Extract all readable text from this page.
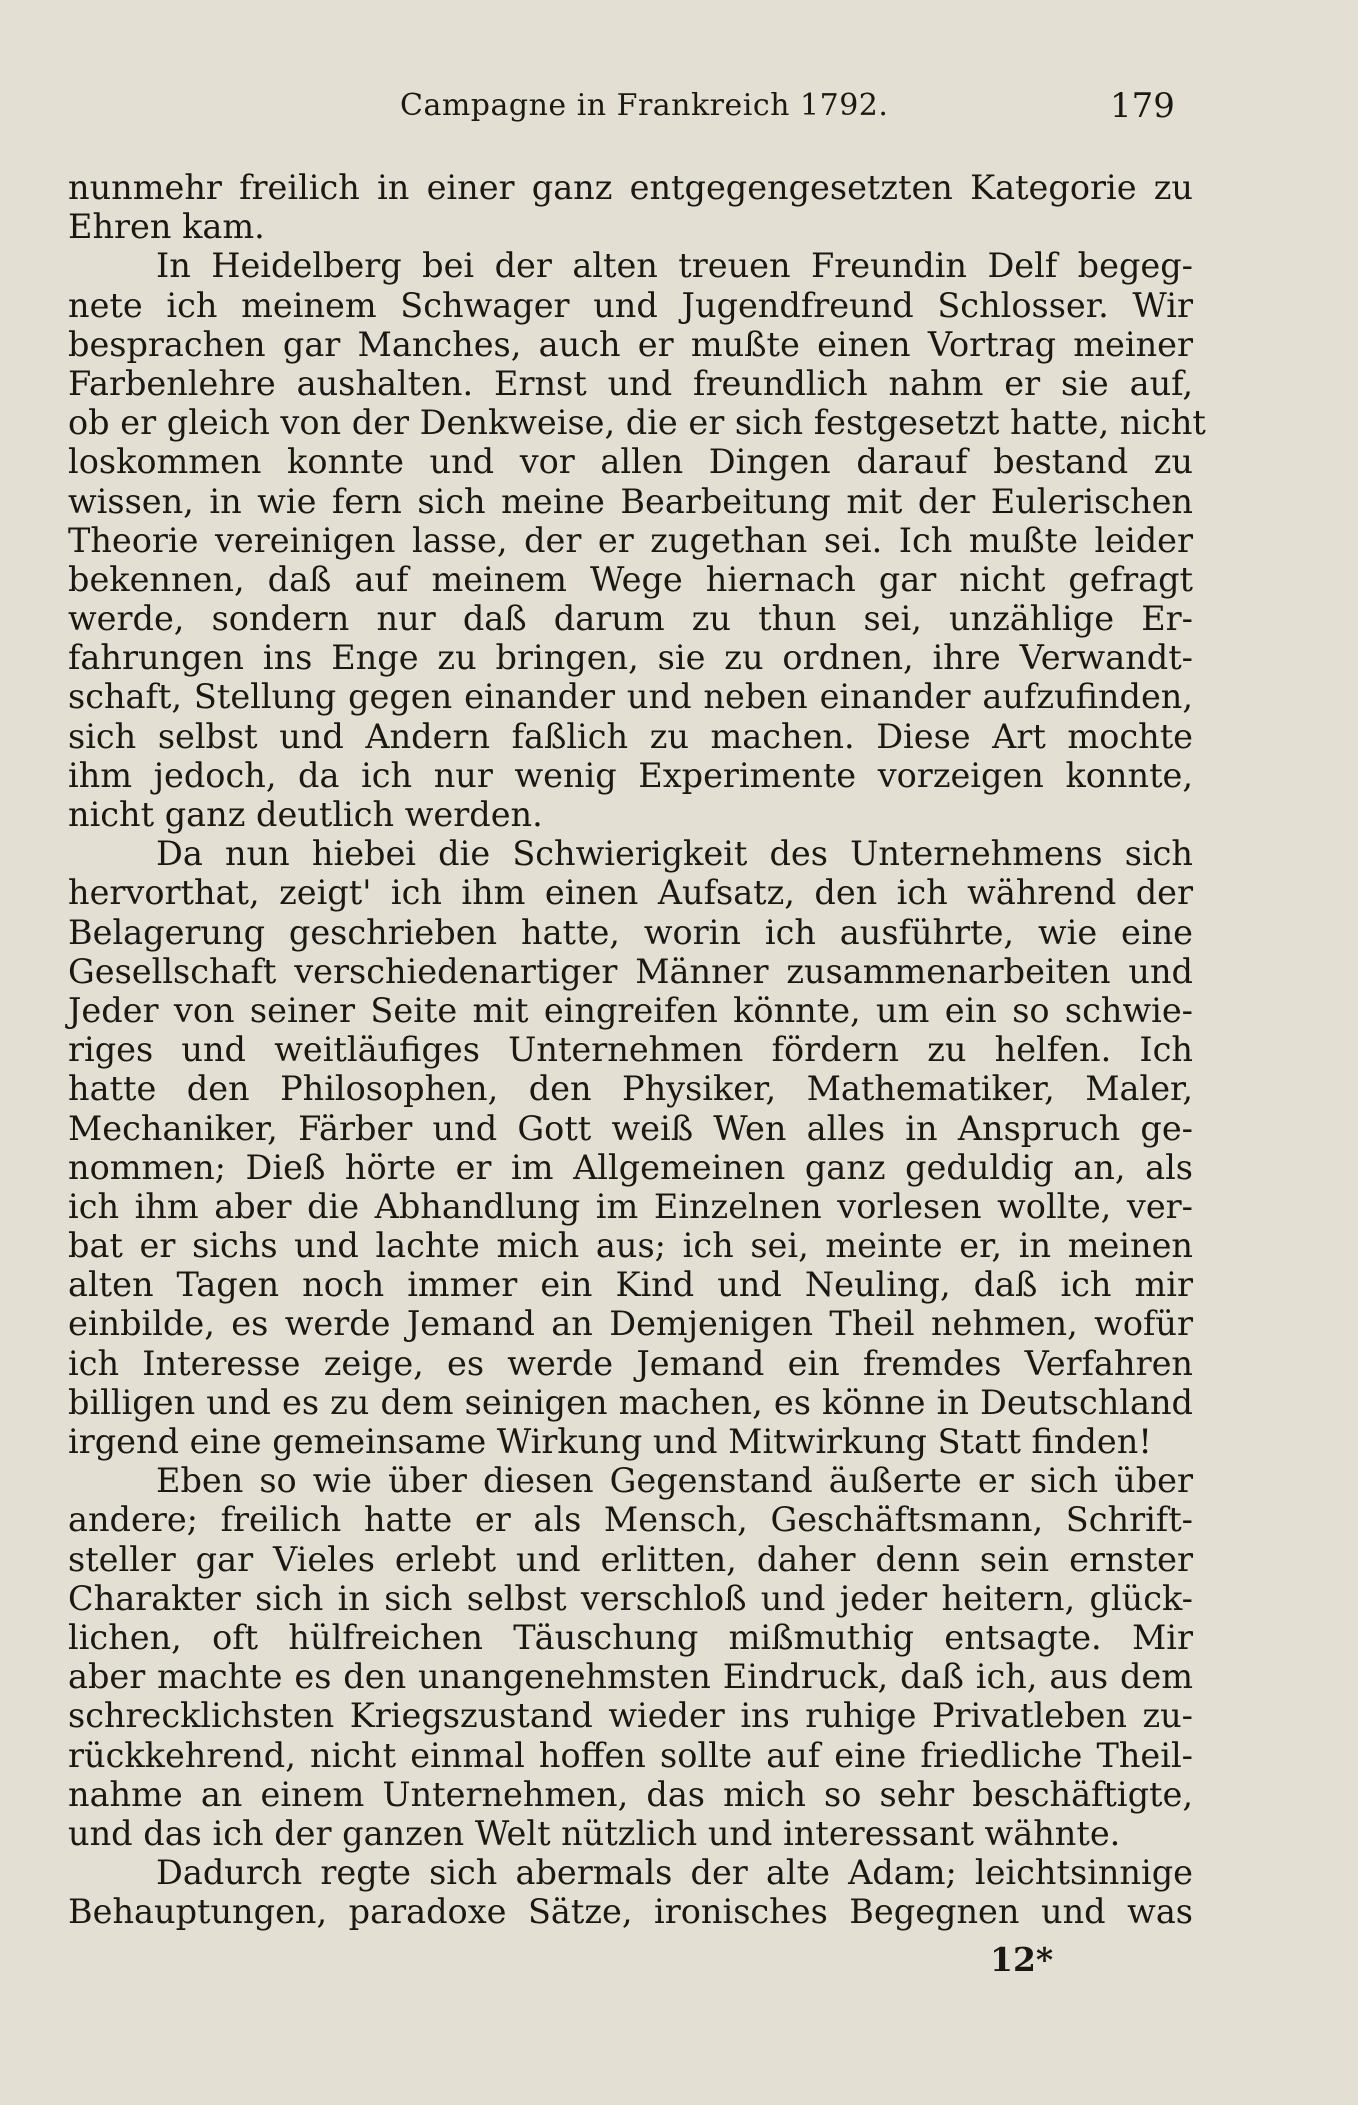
Campagne in Frankreich 1792.	179
nunmehr freilich in einer ganz entgegengesetzten Kategorie zu
Ehren kam.
In Heidelberg bei der alten treuen Freundin Delf begeg-
nete ich meinem Schwager und Jugendfreund Schlosser. Wir
besprachen gar Manches, auch er mußte einen Vortrag meiner
Farbenlehre aushalten. Ernst und freundlich nahm er sie auf,
ob er gleich von der Denkweise, die er sich festgesetzt hatte, nicht
loskommen konnte und vor allen Dingen darauf bestand zu
wissen, in wie fern sich meine Bearbeitung mit der Eulerischen
Theorie vereinigen lasse, der er zugethan sei. Ich mußte leider
bekennen, daß auf meinem Wege hiernach gar nicht gefragt
werde, sondern nur daß darum zu thun sei, unzählige Er-
fahrungen ins Enge zu bringen, sie zu ordnen, ihre Verwandt-
schaft, Stellung gegen einander und neben einander aufzufinden,
sich selbst und Andern faßlich zu machen. Diese Art mochte
ihm jedoch, da ich nur wenig Experimente vorzeigen konnte,
nicht ganz deutlich werden.
Da nun hiebei die Schwierigkeit des Unternehmens sich
hervorthat, zeigt' ich ihm einen Aufsatz, den ich während der
Belagerung geschrieben hatte, worin ich ausführte, wie eine
Gesellschaft verschiedenartiger Männer zusammenarbeiten und
Jeder von seiner Seite mit eingreifen könnte, um ein so schwie-
riges und weitläufiges Unternehmen fördern zu helfen. Ich
hatte den Philosophen, den Physiker, Mathematiker, Maler,
Mechaniker, Färber und Gott weiß Wen alles in Anspruch ge-
nommen; Dieß hörte er im Allgemeinen ganz geduldig an, als
ich ihm aber die Abhandlung im Einzelnen vorlesen wollte, ver-
bat er sichs und lachte mich aus; ich sei, meinte er, in meinen
alten Tagen noch immer ein Kind und Neuling, daß ich mir
einbilde, es werde Jemand an Demjenigen Theil nehmen, wofür
ich Interesse zeige, es werde Jemand ein fremdes Verfahren
billigen und es zu dem seinigen machen, es könne in Deutschland
irgend eine gemeinsame Wirkung und Mitwirkung Statt finden!
Eben so wie über diesen Gegenstand äußerte er sich über
andere; freilich hatte er als Mensch, Geschäftsmann, Schrift-
steller gar Vieles erlebt und erlitten, daher denn sein ernster
Charakter sich in sich selbst verschloß und jeder heitern, glück-
lichen, oft hülfreichen Täuschung mißmuthig entsagte. Mir
aber machte es den unangenehmsten Eindruck, daß ich, aus dem
schrecklichsten Kriegszustand wieder ins ruhige Privatleben zu-
rückkehrend, nicht einmal hoffen sollte auf eine friedliche Theil-
nahme an einem Unternehmen, das mich so sehr beschäftigte,
und das ich der ganzen Welt nützlich und interessant wähnte.
Dadurch regte sich abermals der alte Adam; leichtsinnige
Behauptungen, paradoxe Sätze, ironisches Begegnen und was
12*
